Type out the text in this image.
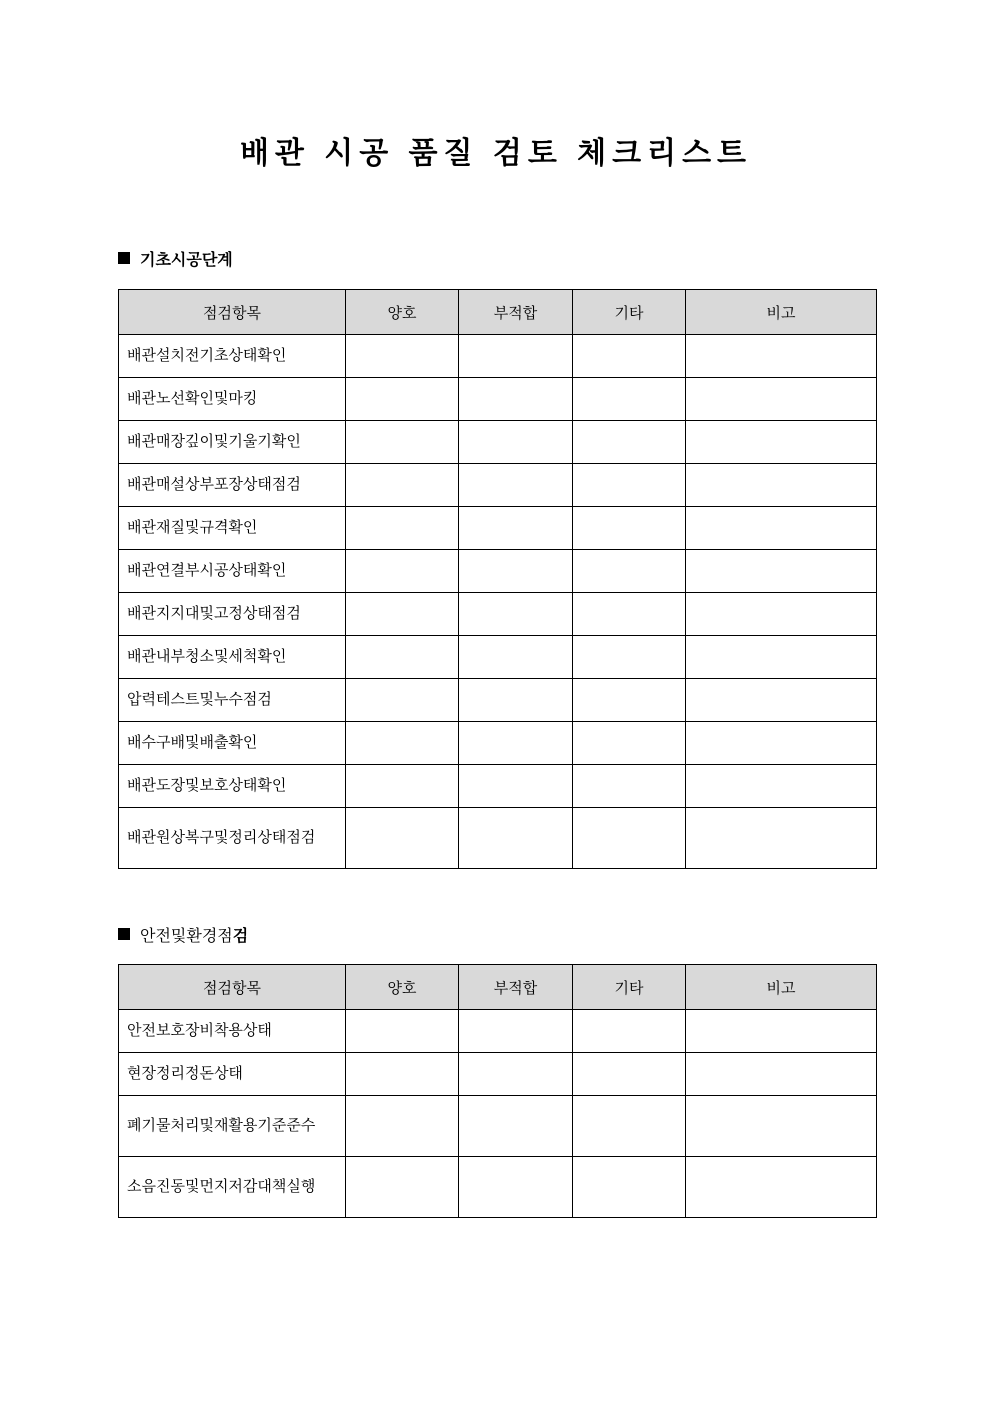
배관 시공 품질 검토 체크리스트
기초시공단계
점검항목	양호	부적합	기타	비고
배관설치전기초상태확인				
배관노선확인및마킹				
배관매장깊이및기울기확인				
배관매설상부포장상태점검				
배관재질및규격확인				
배관연결부시공상태확인				
배관지지대및고정상태점검				
배관내부청소및세척확인				
압력테스트및누수점검				
배수구배및배출확인				
배관도장및보호상태확인				
배관원상복구및정리상태점검				
안전및환경점검
점검항목	양호	부적합	기타	비고
안전보호장비착용상태				
현장정리정돈상태				
폐기물처리및재활용기준준수				
소음진동및먼지저감대책실행				
